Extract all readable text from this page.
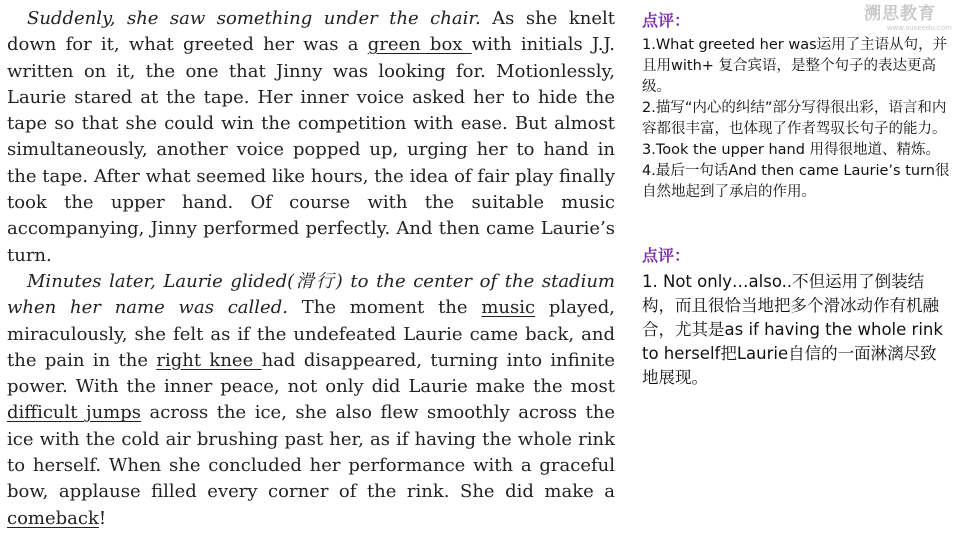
溯思教育
www.suseedu.com

Suddenly, she saw something under the chair. As she knelt down for it, what greeted her was a green box with initials J.J. written on it, the one that Jinny was looking for. Motionlessly, Laurie stared at the tape. Her inner voice asked her to hide the tape so that she could win the competition with ease. But almost simultaneously, another voice popped up, urging her to hand in the tape. After what seemed like hours, the idea of fair play finally took the upper hand. Of course with the suitable music accompanying, Jinny performed perfectly. And then came Laurie’s turn.

Minutes later, Laurie glided(滑行) to the center of the stadium when her name was called. The moment the music played, miraculously, she felt as if the undefeated Laurie came back, and the pain in the right knee had disappeared, turning into infinite power. With the inner peace, not only did Laurie make the most difficult jumps across the ice, she also flew smoothly across the ice with the cold air brushing past her, as if having the whole rink to herself. When she concluded her performance with a graceful bow, applause filled every corner of the rink. She did make a comeback!

点评：
1.What greeted her was运用了主语从句，并且用with+ 复合宾语，是整个句子的表达更高级。
2.描写“内心的纠结”部分写得很出彩，语言和内容都很丰富，也体现了作者驾驭长句子的能力。
3.Took the upper hand 用得很地道、精炼。
4.最后一句话And then came Laurie’s turn很自然地起到了承启的作用。
点评：
1. Not only…also..不但运用了倒装结构，而且很恰当地把多个滑冰动作有机融合，尤其是as if having the whole rink to herself把Laurie自信的一面淋漓尽致地展现。
